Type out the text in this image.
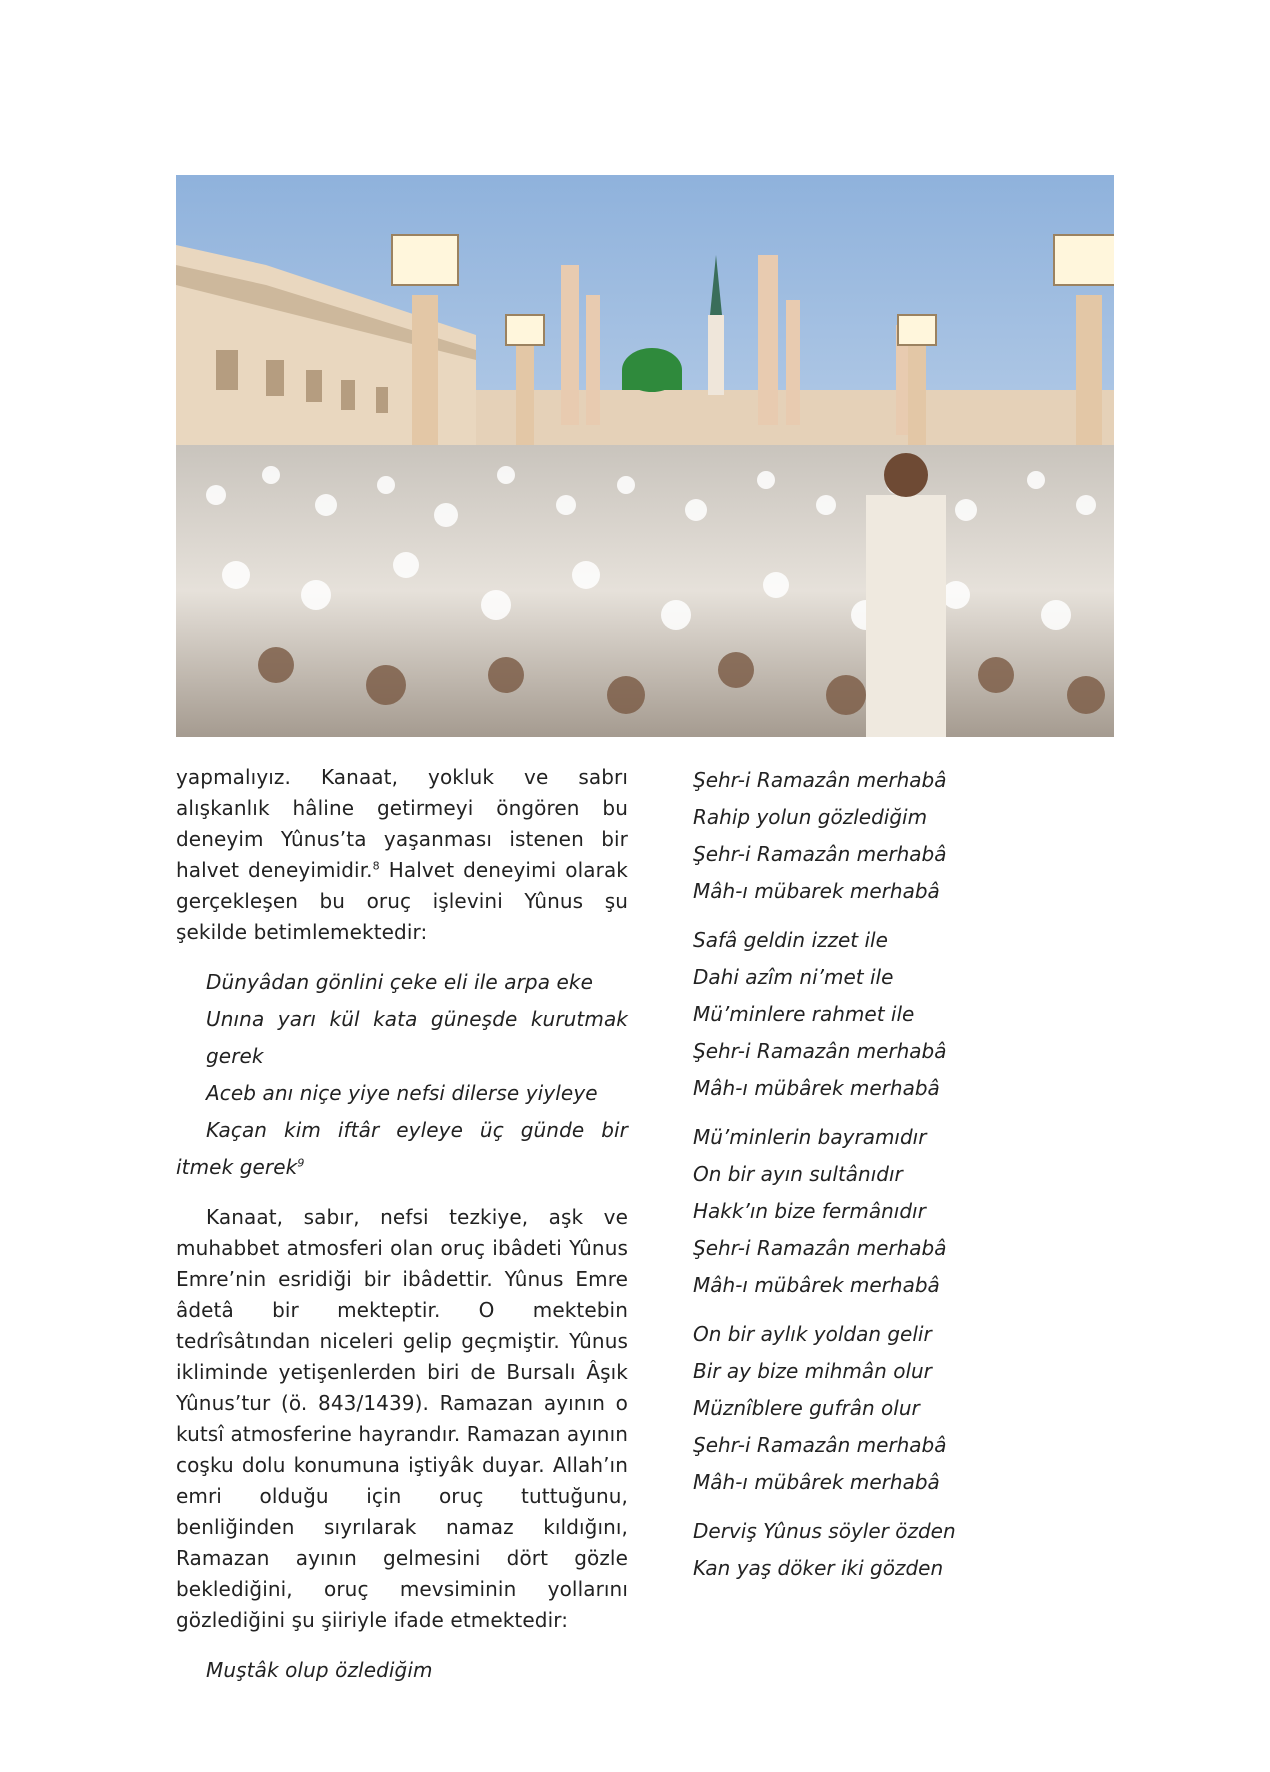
yapmalıyız. Kanaat, yokluk ve sabrı alışkanlık hâline getirmeyi öngören bu deneyim Yûnus’ta yaşanması istenen bir halvet deneyimidir.$^8$ Halvet deneyimi olarak gerçekleşen bu oruç işlevini Yûnus şu şekilde betimlemektedir:

Dünyâdan gönlini çeke eli ile arpa eke
Unına yarı kül kata güneşde kurutmak gerek
Aceb anı niçe yiye nefsi dilerse yiyleye
Kaçan kim iftâr eyleye üç günde bir itmek gerek$^9$

Kanaat, sabır, nefsi tezkiye, aşk ve muhabbet atmosferi olan oruç ibâdeti Yûnus Emre’nin esridiği bir ibâdettir. Yûnus Emre âdetâ bir mekteptir. O mektebin tedrîsâtından niceleri gelip geçmiştir. Yûnus ikliminde yetişenlerden biri de Bursalı Âşık Yûnus’tur (ö. 843/1439). Ramazan ayının o kutsî atmosferine hayrandır. Ramazan ayının coşku dolu konumuna iştiyâk duyar. Allah’ın emri olduğu için oruç tuttuğunu, benliğinden sıyrılarak namaz kıldığını, Ramazan ayının gelmesini dört gözle beklediğini, oruç mevsiminin yollarını gözlediğini şu şiiriyle ifade etmektedir:

Muştâk olup özlediğim
Şehr-i Ramazân merhabâ
Rahip yolun gözlediğim
Şehr-i Ramazân merhabâ
Mâh-ı mübarek merhabâ
Safâ geldin izzet ile
Dahi azîm ni’met ile
Mü’minlere rahmet ile
Şehr-i Ramazân merhabâ
Mâh-ı mübârek merhabâ
Mü’minlerin bayramıdır
On bir ayın sultânıdır
Hakk’ın bize fermânıdır
Şehr-i Ramazân merhabâ
Mâh-ı mübârek merhabâ
On bir aylık yoldan gelir
Bir ay bize mihmân olur
Müznîblere gufrân olur
Şehr-i Ramazân merhabâ
Mâh-ı mübârek merhabâ
Derviş Yûnus söyler özden
Kan yaş döker iki gözden
